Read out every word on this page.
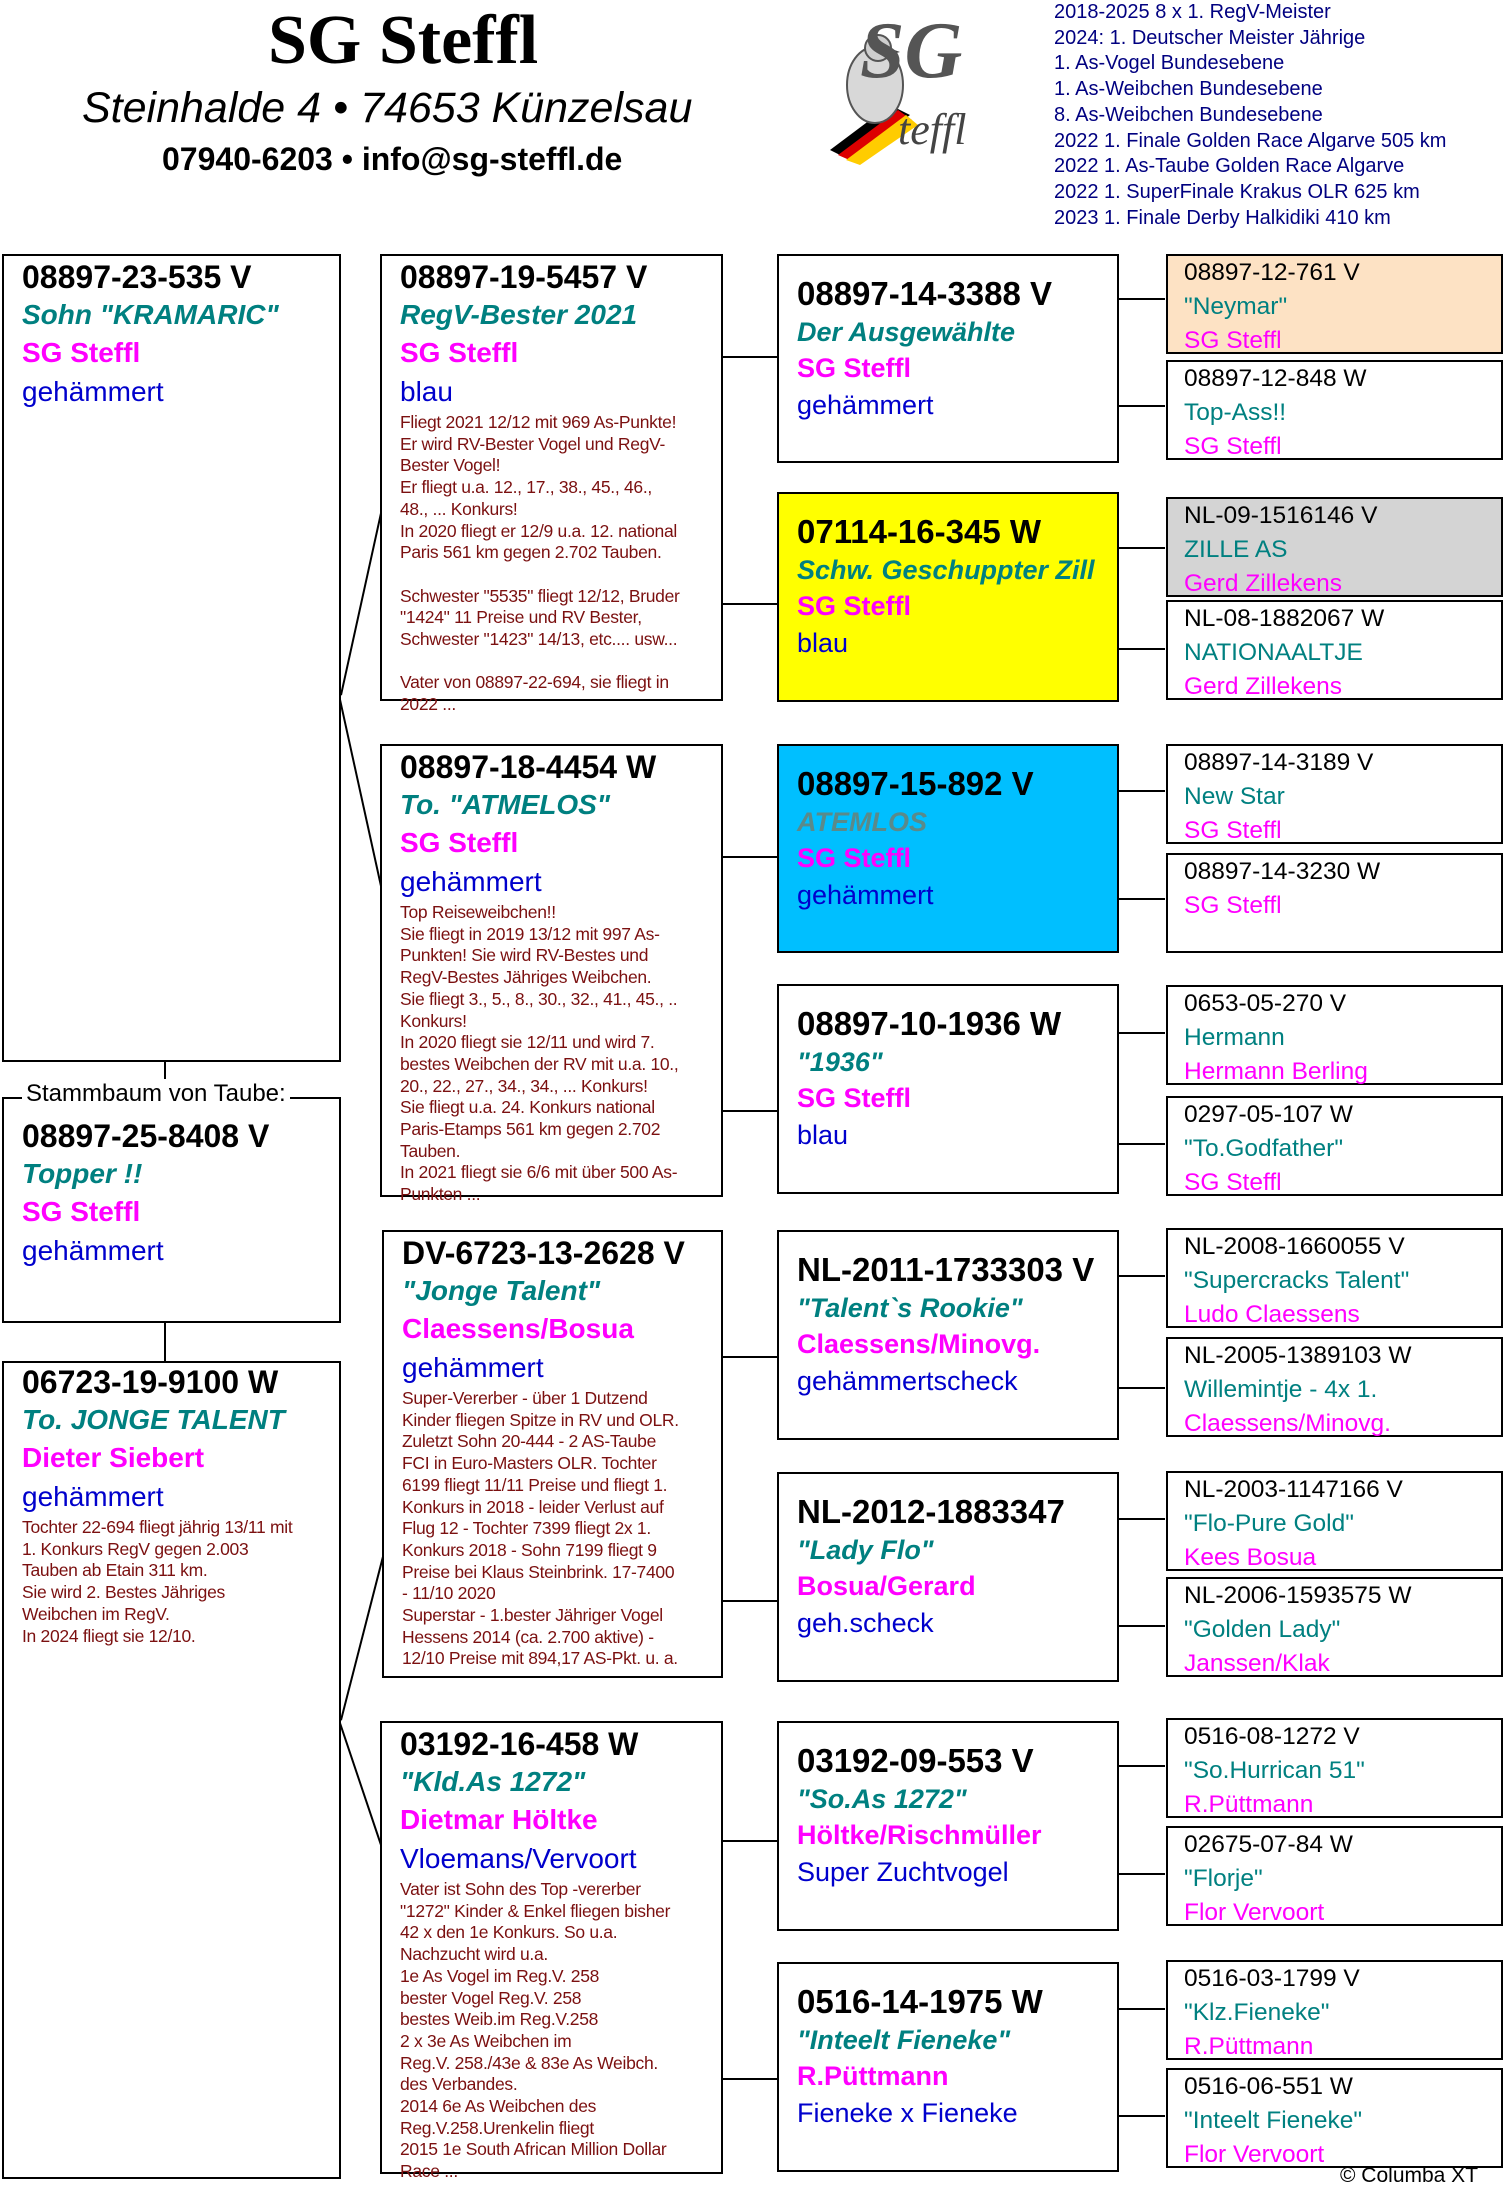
SG Steffl
Steinhalde 4 • 74653 Künzelsau
07940-6203 • info@sg-steffl.de
SG
teffl
2018-2025 8 x 1. RegV-Meister
2024: 1. Deutscher Meister Jährige
1. As-Vogel Bundesebene
1. As-Weibchen Bundesebene
8. As-Weibchen Bundesebene
2022 1. Finale Golden Race Algarve 505 km
2022 1. As-Taube Golden Race Algarve
2022 1. SuperFinale Krakus OLR 625 km
2023 1. Finale Derby Halkidiki 410 km
08897-23-535 V
Sohn "KRAMARIC"
SG Steffl
gehämmert
Stammbaum von Taube:
08897-25-8408 V
Topper !!
SG Steffl
gehämmert
06723-19-9100 W
To. JONGE TALENT
Dieter Siebert
gehämmert
Tochter 22-694 fliegt jährig 13/11 mit
1. Konkurs RegV gegen 2.003
Tauben ab Etain 311 km.
Sie wird 2. Bestes Jähriges
Weibchen im RegV.
In 2024 fliegt sie 12/10.
08897-19-5457 V
RegV-Bester 2021
SG Steffl
blau
Fliegt 2021 12/12 mit 969 As-Punkte!
Er wird RV-Bester Vogel und RegV-
Bester Vogel!
Er fliegt u.a. 12., 17., 38., 45., 46.,
48., ... Konkurs!
In 2020 fliegt er 12/9 u.a. 12. national
Paris 561 km gegen 2.702 Tauben.

Schwester "5535" fliegt 12/12, Bruder
"1424" 11 Preise und RV Bester,
Schwester "1423" 14/13, etc.... usw...

Vater von 08897-22-694, sie fliegt in
2022 ...
08897-18-4454 W
To. "ATMELOS"
SG Steffl
gehämmert
Top Reiseweibchen!!
Sie fliegt in 2019 13/12 mit 997 As-
Punkten! Sie wird RV-Bestes und
RegV-Bestes Jähriges Weibchen.
Sie fliegt 3., 5., 8., 30., 32., 41., 45., ..
Konkurs!
In 2020 fliegt sie 12/11 und wird 7.
bestes Weibchen der RV mit u.a. 10.,
20., 22., 27., 34., 34., ... Konkurs!
Sie fliegt u.a. 24. Konkurs national
Paris-Etamps 561 km gegen 2.702
Tauben.
In 2021 fliegt sie 6/6 mit über 500 As-
Punkten ...
DV-6723-13-2628 V
"Jonge Talent"
Claessens/Bosua
gehämmert
Super-Vererber - über 1 Dutzend
Kinder fliegen Spitze in RV und OLR.
Zuletzt Sohn 20-444 - 2 AS-Taube
FCI in Euro-Masters OLR. Tochter
6199 fliegt 11/11 Preise und fliegt 1.
Konkurs in 2018 - leider Verlust auf
Flug 12 - Tochter 7399 fliegt 2x 1.
Konkurs 2018 - Sohn 7199 fliegt 9
Preise bei Klaus Steinbrink. 17-7400
- 11/10 2020
Superstar - 1.bester Jähriger Vogel
Hessens 2014 (ca. 2.700 aktive) -
12/10 Preise mit 894,17 AS-Pkt. u. a.
03192-16-458 W
"Kld.As 1272"
Dietmar Höltke
Vloemans/Vervoort
Vater ist Sohn des Top -vererber
"1272" Kinder & Enkel fliegen bisher
42 x den 1e Konkurs. So u.a.
Nachzucht wird u.a.
1e As Vogel im Reg.V. 258
bester Vogel Reg.V. 258
bestes Weib.im Reg.V.258
2 x 3e As Weibchen im
Reg.V. 258./43e & 83e As Weibch.
des Verbandes.
2014 6e As Weibchen des
Reg.V.258.Urenkelin fliegt
2015 1e South African Million Dollar
Race ...
08897-14-3388 V
Der Ausgewählte
SG Steffl
gehämmert
07114-16-345 W
Schw. Geschuppter Zill
SG Steffl
blau
08897-15-892 V
ATEMLOS
SG Steffl
gehämmert
08897-10-1936 W
"1936"
SG Steffl
blau
NL-2011-1733303 V
"Talent`s Rookie"
Claessens/Minovg.
gehämmertscheck
NL-2012-1883347
"Lady Flo"
Bosua/Gerard
geh.scheck
03192-09-553 V
"So.As 1272"
Höltke/Rischmüller
Super Zuchtvogel
0516-14-1975 W
"Inteelt Fieneke"
R.Püttmann
Fieneke x Fieneke
08897-12-761 V
"Neymar"
SG Steffl
08897-12-848 W
Top-Ass!!
SG Steffl
NL-09-1516146 V
ZILLE AS
Gerd Zillekens
NL-08-1882067 W
NATIONAALTJE
Gerd Zillekens
08897-14-3189 V
New Star
SG Steffl
08897-14-3230 W
SG Steffl
0653-05-270 V
Hermann
Hermann Berling
0297-05-107 W
"To.Godfather"
SG Steffl
NL-2008-1660055 V
"Supercracks Talent"
Ludo Claessens
NL-2005-1389103 W
Willemintje - 4x 1.
Claessens/Minovg.
NL-2003-1147166 V
"Flo-Pure Gold"
Kees Bosua
NL-2006-1593575 W
"Golden Lady"
Janssen/Klak
0516-08-1272 V
"So.Hurrican 51"
R.Püttmann
02675-07-84 W
"Florje"
Flor Vervoort
0516-03-1799 V
"Klz.Fieneke"
R.Püttmann
0516-06-551 W
"Inteelt Fieneke"
Flor Vervoort
© Columba XT
